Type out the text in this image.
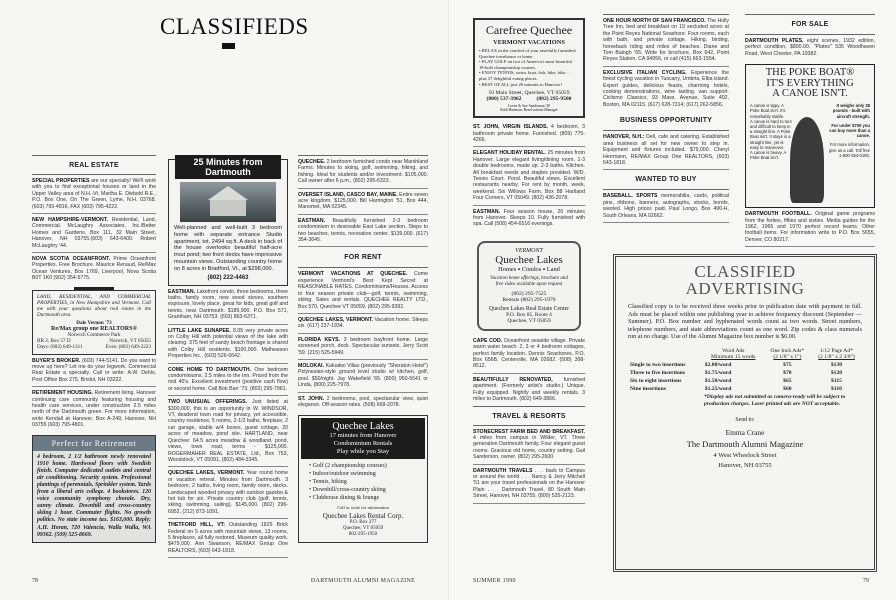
CLASSIFIEDS
REAL ESTATE
SPECIAL PROPERTIES are our specialty! We'll work with you to find exceptional houses or land in the Upper Valley area of N.H.-Vt. Martha E. Diebold R.E., P.O. Box One, On The Green, Lyme, N.H. 03768. (603) 795-4816, FAX (603) 795-4222.
NEW HAMPSHIRE-VERMONT. Residential, Land, Commercial. McLaughry Associates, Inc./Better Homes and Gardens, Box 111, 32 Main Street, Hanover, NH 03755.(603) 643-6400. Robert McLaughry '44.
NOVA SCOTIA OCEANFRONT. Prime Oceanfront Properties. Free Brochure. Maurice Renaud, Re/Max Ocean Ventures, Box 1769, Liverpool, Nova Scotia B0T 1K0 (902) 354-5775.
LAND, RESIDENTIAL, AND COMMERCIAL PROPERTIES, in New Hampshire and Vermont. Call me with your questions about real estate in the Dartmouth area.
Dale Vernon '73
Re/Max group one REALTORS®
Norwich Commerce Park
RR 2, Box 57 D	Norwich, VT 05055
Days: (802) 649-1311	Eves: (802) 649-2223
BUYER'S BROKER. (603) 744-5141. Do you want to move up here? Let me do your legwork. Commercial Real Estate a specialty. Call or write: A.W. Dehls, Post Office Box 275, Bristol, NH 03222.
RETIREMENT HOUSING. Retirement living. Hanover continuing care community featuring housing and health care services, under construction 2.5 miles north of the Dartmouth green. For more information, write Kendall at Hanover, Box A-249, Hanover, NH 03755 (603) 795-4801.
Perfect for Retirement
4 bedroom, 2 1/2 bathroom newly renovated 1910 home. Hardwood floors with Swedish finish. Computer dedicated outlets and central air conditioning. Security system. Professional plantings of perennials. Sprinkler system. Yards from a liberal arts college. 4 bookstores. 120 voice community symphony chorale. Dry, sunny climate. Downhill and cross-country skiing 1 hour. Commuter flights. No growth politics. No state income tax. $163,000. Reply: A.H. Horan, 720 Valencia, Walla Walla, WA 99362. (509) 525-8669.
25 Minutes from Dartmouth
Well-planned and well-built 3 bedroom home with separate entrance Studio apartment, tot. 2494 sq.ft. A deck in back of the house overlooks beautiful half-acre trout pond; two front decks have impressive mountain views. Outstanding country home on 8 acres in Bradford, Vt., at $298,000.
(802) 222-4463
EASTMAN. Lakefront condo, three bedrooms, three baths, family room, new wood stoves, southern exposure, lovely place, great for kids, great golf and tennis, near Dartmouth. $189,900. P.O. Box 571, Grantham, NH 03753. (603) 863-6371.
LITTLE LAKE SUNAPEE. 8.05 very private acres on Colby Hill with potential views of the lake with clearing. 375 feet of sandy beach frontage is shared with Colby Hill residents. $100,000. Mathewson Properties Inc., (603) 526-6642.
COME HOME TO DARTMOUTH. One bedroom condominiums, 2.5 miles to the Inn. Priced from the mid 40's. Excellent investment (positive cash flow) or second home. Call Bob Barr '73. (802) 295-7961.
TWO UNUSUAL OFFERINGS. Just listed at $300,000, this is an opportunity in W. WINDSOR, VT, deadend town road for privacy, yet accessible, country residence, 5 rooms, 2-1/2 baths, fireplace, 2 car garage, stable w/4 boxes, guest cottage, 20 acres of meadow, pond site. HARTLAND, near Quechee: 64.5 acres meadow & woodland, pond, views, town road, terms - $125,000. ROGERMAHER REAL ESTATE, Ltd., Box 753, Woodstock, VT 05091, (802) 484-3345.
QUECHEE LAKES, VERMONT. Year round home or vacation retreat. Minutes from Dartmouth. 3 bedroom, 2 baths, living room, family room, decks. Landscaped wooded privacy with outdoor gazebo & hot tub for six. Private country club (golf, tennis, skiing, swimming, sailing). $145,000. (802) 296-6952, (212) 873-1091.
THETFORD HILL, VT: Outstanding 1825 Brick Federal on 5 acres with mountain views, 13 rooms, 5 fireplaces, all fully restored. Museum quality work. $479,000. Ann Swanson, RE/MAX Group One REALTORS, (603) 643-1818.
QUECHEE. 2 bedroom furnished condo near Marshland Farms. Minutes to skiing, golf, swimming, hiking, and fishing. Ideal for students and/or investment. $105,000. Call owner after 6 p.m., (802) 295-6323.
OVERSET ISLAND, CASCO BAY, MAINE. Entire seven acre kingdom. $125,000. Bill Harrington '51, Box 444, Manomet, MA 02345.
EASTMAN. Beautifully furnished 2-3 bedroom condominium in desireable East Lake section. Steps to two beaches, tennis, recreation center. $139,000. (617) 354-3645.
FOR RENT
VERMONT VACATIONS AT QUECHEE. Come experience Vermont's Best Kept Secret at REASONABLE RATES. Condominiums/Houses. Access to four season private club—golf, tennis, swimming, skiing. Sales and rentals. QUECHEE REALTY LTD., Box 570, Quechee VT 05059. (802) 295-9392.
QUECHEE LAKES, VERMONT. Vacation home. Sleeps six. (617) 237-1934.
FLORIDA KEYS. 3 bedroom bayfront home. Large screened porch, dock. Spectacular sunsets. Jerry Scott '59. (215) 525-5949.
MOLOKAI. Kaluakoi Villas (previously "Sheraton Hotel") Polynesian-style ground level studio w/ kitchen, golf, pool. $50/night. Jay Wakefield '65. (800) 950-5541 or Linda, (800) 225-7978.
ST. JOHN. 2 bedrooms, pool, spectacular view, quiet elegance. Off-season rates. (508) 668-2078.
Quechee Lakes
17 minutes from Hanover
Condominium Rentals
Play while you Stay
• Golf (2 championship courses)
• Indoor/outdoor swimming
• Tennis, hiking
• Downhill/cross-country skiing
• Clubhouse dining & lounge
Call or write for information
Quechee Lakes Rental Corp.
P.O. Box 277
Quechee, VT 05059
802-295-1950
78	DARTMOUTH ALUMNI MAGAZINE
Carefree Quechee
VERMONT VACATIONS
• RELAX in the comfort of your tastefully furnished Quechee townhouse or home.
• PLAY GOLF on two of America's most beautiful 18-hole championship courses.
• ENJOY TENNIS, swim, boat, fish, hike, bike . . . plus 37 delightful eating places.
• BEST OF ALL just 20 minutes to Hanover!
50 Main Street, Quechee, VT 05059
(800) 537-3962	(802) 295-9500
Loren & Sue Spademan '48
Ruth Hartman, Reservations Manager
ST. JOHN, VIRGIN ISLANDS. 4 bedroom, 3 bathroom private home. Furnished. (809) 775-4266.
ELEGANT HOLIDAY RENTAL. 25 minutes from Hanover. Large elegant living/dining room. 1-3 double bedrooms, made up. 2-3 baths. Kitchen. All breakfast needs and staples provided. W/D. Tennis Court. Pond. Beautiful views. Excellent restaurants nearby. For rent by month, week, weekend. Six Willows Farm, Box 88 Hartland Four Corners, VT 05049. (802) 436-2078.
EASTMAN. Four season house, 20 minutes from Hanover. Sleeps 10. Fully furnished with spa. Call (508) 454-6516 evenings.
VERMONT
Quechee Lakes
Homes ▪ Condos ▪ Land
Vacation home offerings, brochure and free video available upon request
(802) 295-7525
Rentals (802) 295-1970
Quechee Lakes Real Estate Center
P.O. Box 85, Route 4
Quechee, VT 05059
CAPE COD. Oceanfront seaside village. Private warm water beach. 2, 3 or 4 bedroom cottages, perfect family location. Dennis Seashores, P.O. Box 656B, Centerville, MA 02682. (508) 398-8512.
BEAUTIFULLY RENOVATED, furnished apartment. (Formerly artist's studio.) Unique. Fully equipped. Nightly and weekly rentals. 3 miles to Dartmouth. (802) 649-3866.
TRAVEL & RESORTS
STONECREST FARM BED AND BREAKFAST. 4 miles from campus in Wilder, VT. Three generation Dartmouth family. Four elegant guest rooms. Gracious old home, country setting. Gail Sanderson, owner. (802) 295-2600.
DARTMOUTH TRAVELS . . . back to Campus or around the world . . . Nancy & Jerry Mitchell '51 are your travel professionals on the Hanover Plain . . . Dartmouth Travel, 80 South Main Street, Hanover, NH 03755. (800) 525-2123.
ONE HOUR NORTH OF SAN FRANCISCO. The Holly Tree Inn, bed and breakfast on 19 secluded acres at the Point Reyes National Seashore. Four rooms, each with bath, and private cottage. Hiking, birding, horseback riding and miles of beaches. Diane and Tom Balogh '65. Write for brochure, Box 642, Point Reyes Station, CA 94956, or call (415) 663-1554.
EXCLUSIVE ITALIAN CYCLING. Experience the finest cycling vacation in Tuscany, Umbria, Elba island. Expert guides, delicious feasts, charming hotels, cooking demonstrations, wine tasting, van support. Ciclismo Classico, 93 Mass. Avenue, Suite 402, Boston, MA 02115. (617) 628-7314; (617) 262-5856.
BUSINESS OPPORTUNITY
HANOVER, N.H.: Deli, cafe and catering. Established area business all set for new owner to step in. Equipment and fixtures included. $79,000. Cheryl Herrmann, RE/MAX Group One REALTORS, (603) 643-1818.
WANTED TO BUY
BASEBALL, SPORTS memorabilia, cards, political pins, ribbons, banners, autographs, stocks, bonds, wanted. High prices paid. Paul Longo, Box 490-H, South Orleans, MA 02662.
FOR SALE
DARTMOUTH PLATES, eight scenes, 1932 edition, perfect condition, $800.00. "Plates" 535 Woodhaven Road, West Chester, PA 19382.
THE POKE BOAT®
IT'S EVERYTHING
A CANOE ISN'T.
A canoe is tippy. A Poke Boat isn't. It's remarkably stable.
A canoe is hard to turn and difficult to keep in a straight line. A Poke Boat isn't. It stays in a straight line, yet is easy to maneuver.
A canoe is heavy. A Poke Boat isn't.
It weighs only 28 pounds - built with aircraft strength.
For under $700 you can buy more than a canoe.
For more information, give us a call. Toll free 1-800-354-0190.
DARTMOUTH FOOTBALL. Original game programs from the forties, fifties and sixties. Media guides for the 1962, 1965 and 1970 perfect record teams. Other football items. For information write to P.O. Box 5655, Denver, CO 80217.
CLASSIFIED
ADVERTISING
Classified copy is to be received three weeks prior to publication date with payment in full. Ads must be placed within one publishing year to achieve frequency discount (September — Summer). P.O. Box number and hyphenated words count as two words. Street numbers, telephone numbers, and state abbreviations count as one word. Zip codes & class numerals run at no charge. Use of the Alumni Magazine box number is $6.00.

Word Ads
Minimum 15 words

One Inch Ads*
(2 1/8" x 1")

1/12 Page Ad*
(2 1/8" x 2 3/8")

Single to two insertions	$2.00/word	$75	$130
Three to five insertions	$1.75/word	$70	$120
Six to eight insertions	$1.50/word	$65	$115
Nine insertions	$1.25/word	$60	$110
*Display ads not submitted as camera-ready will be subject to production charges. Laser printed ads are NOT acceptable.
Send to:
Emma Crane
The Dartmouth Alumni Magazine
4 West Wheelock Street
Hanover, NH 03755
SUMMER 1990	79
